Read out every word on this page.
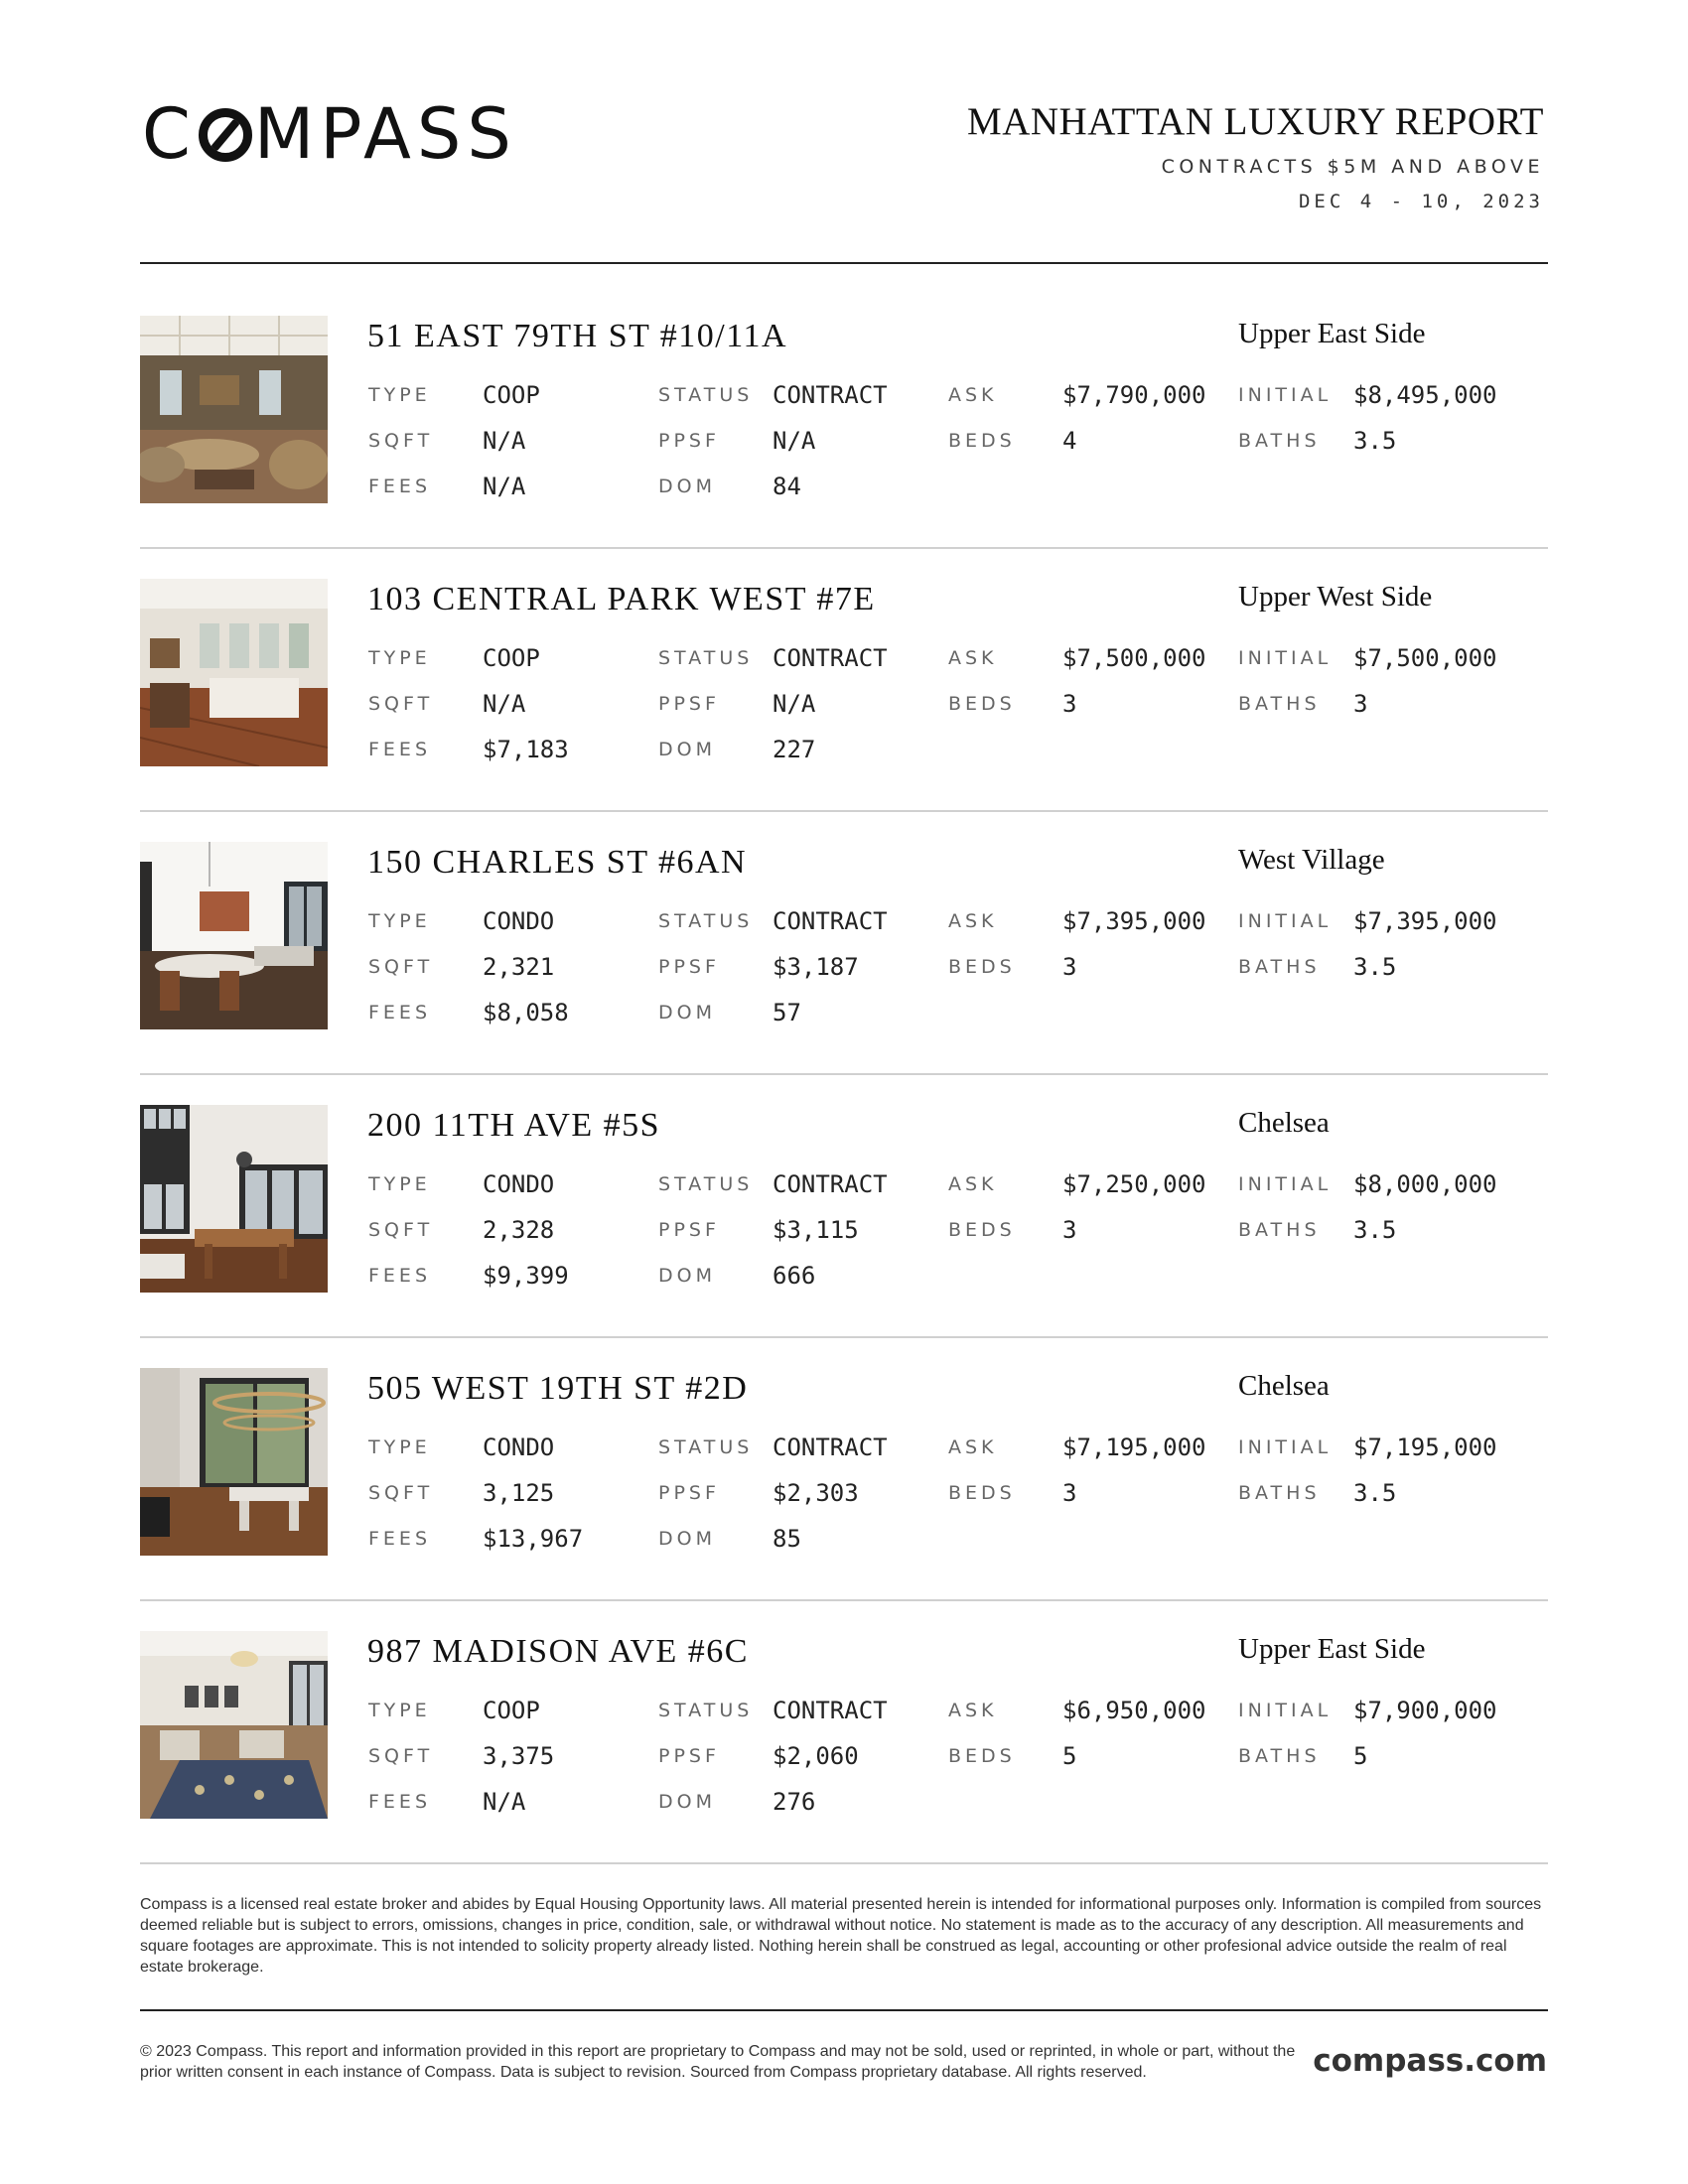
C MPASS	MANHATTAN LUXURY REPORT
CONTRACTS $5M AND ABOVE
DEC 4 - 10, 2023
51 EAST 79TH ST #10/11A	Upper East Side
TYPE COOP	STATUS CONTRACT	ASK	$7,790,000 INITIAL $8,495,000
SQFT N/A	PPSF N/A	BEDS 4	BATHS 3.5
FEES N/A	DOM 84
103 CENTRAL PARK WEST #7E	Upper West Side
TYPE COOP	STATUS CONTRACT	ASK	$7,500,000 INITIAL $7,500,000
SQFT N/A	PPSF N/A	BEDS 3	BATHS 3
FEES $7,183	DOM 227
150 CHARLES ST #6AN	West Village
TYPE CONDO	STATUS CONTRACT	ASK	$7,395,000 INITIAL $7,395,000
SQFT 2,321	PPSF $3,187	BEDS 3	BATHS 3.5
FEES $8,058	DOM 57
200 11TH AVE #5S	Chelsea
TYPE CONDO	STATUS CONTRACT	ASK	$7,250,000 INITIAL $8,000,000
SQFT 2,328	PPSF $3,115	BEDS 3	BATHS 3.5
FEES $9,399	DOM 666
505 WEST 19TH ST #2D	Chelsea
TYPE CONDO	STATUS CONTRACT	ASK	$7,195,000 INITIAL $7,195,000
SQFT 3,125	PPSF $2,303	BEDS 3	BATHS 3.5
FEES $13,967	DOM 85
987 MADISON AVE #6C	Upper East Side
TYPE COOP	STATUS CONTRACT	ASK	$6,950,000 INITIAL $7,900,000
SQFT 3,375	PPSF $2,060	BEDS 5	BATHS 5
FEES N/A	DOM 276
Compass is a licensed real estate broker and abides by Equal Housing Opportunity laws. All material presented herein is intended for informational purposes only. Information is compiled from sources deemed reliable but is subject to errors, omissions, changes in price, condition, sale, or withdrawal without notice. No statement is made as to the accuracy of any description. All measurements and square footages are approximate. This is not intended to solicity property already listed. Nothing herein shall be construed as legal, accounting or other profesional advice outside the realm of real estate brokerage.
© 2023 Compass. This report and information provided in this report are proprietary to Compass and may not be sold, used or reprinted, in whole or part, without the prior written consent in each instance of Compass. Data is subject to revision. Sourced from Compass proprietary database. All rights reserved.	compass.com
